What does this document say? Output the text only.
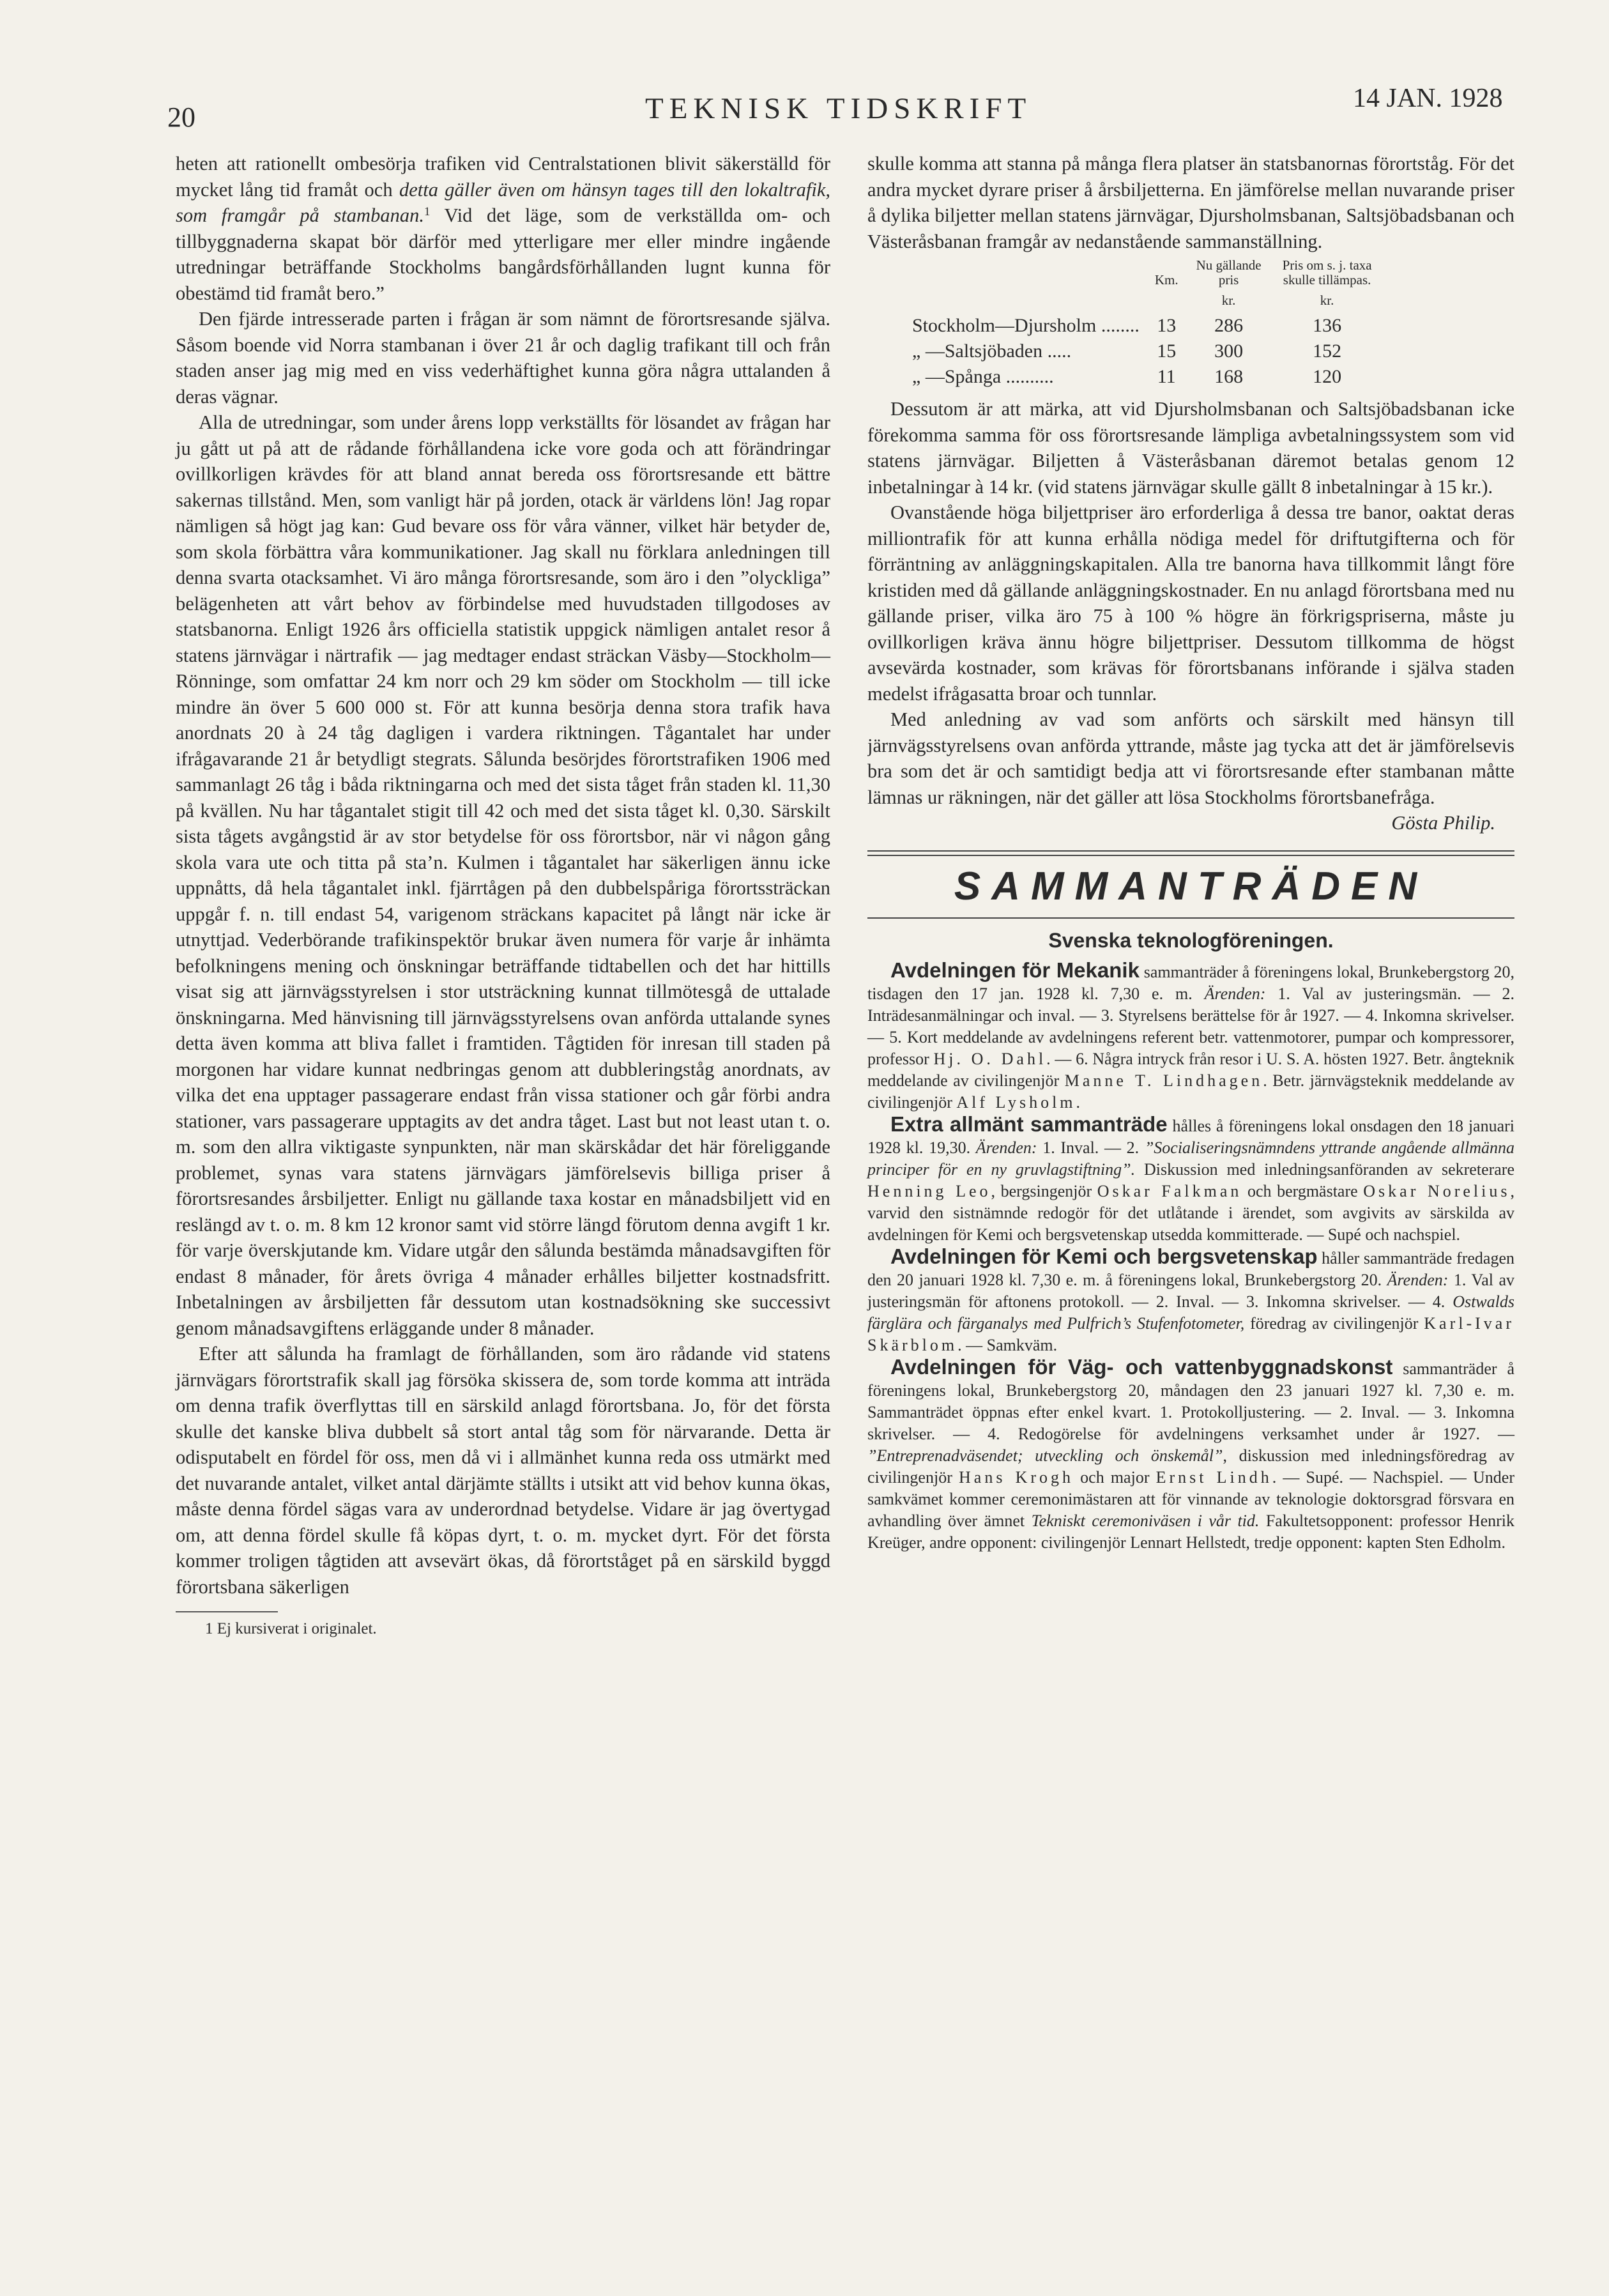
20	TEKNISK TIDSKRIFT	14 JAN. 1928

heten att rationellt ombesörja trafiken vid Centralstationen blivit säkerställd för mycket lång tid framåt och detta gäller även om hänsyn tages till den lokaltrafik, som framgår på stambanan.$^1$ Vid det läge, som de verkställda om- och tillbyggnaderna skapat bör därför med ytterligare mer eller mindre ingående utredningar beträffande Stockholms bangårdsförhållanden lugnt kunna för obestämd tid framåt bero.”

Den fjärde intresserade parten i frågan är som nämnt de förortsresande själva. Såsom boende vid Norra stambanan i över 21 år och daglig trafikant till och från staden anser jag mig med en viss vederhäftighet kunna göra några uttalanden å deras vägnar.

Alla de utredningar, som under årens lopp verkställts för lösandet av frågan har ju gått ut på att de rådande förhållandena icke vore goda och att förändringar ovillkorligen krävdes för att bland annat bereda oss förortsresande ett bättre sakernas tillstånd. Men, som vanligt här på jorden, otack är världens lön! Jag ropar nämligen så högt jag kan: Gud bevare oss för våra vänner, vilket här betyder de, som skola förbättra våra kommunikationer. Jag skall nu förklara anledningen till denna svarta otacksamhet. Vi äro många förortsresande, som äro i den ”olyckliga” belägenheten att vårt behov av förbindelse med huvudstaden tillgodoses av statsbanorna. Enligt 1926 års officiella statistik uppgick nämligen antalet resor å statens järnvägar i närtrafik — jag medtager endast sträckan Väsby—Stockholm—Rönninge, som omfattar 24 km norr och 29 km söder om Stockholm — till icke mindre än över 5 600 000 st. För att kunna besörja denna stora trafik hava anordnats 20 à 24 tåg dagligen i vardera riktningen. Tågantalet har under ifrågavarande 21 år betydligt stegrats. Sålunda besörjdes förortstrafiken 1906 med sammanlagt 26 tåg i båda riktningarna och med det sista tåget från staden kl. 11,30 på kvällen. Nu har tågantalet stigit till 42 och med det sista tåget kl. 0,30. Särskilt sista tågets avgångstid är av stor betydelse för oss förortsbor, när vi någon gång skola vara ute och titta på sta’n. Kulmen i tågantalet har säkerligen ännu icke uppnåtts, då hela tågantalet inkl. fjärrtågen på den dubbelspåriga förortssträckan uppgår f. n. till endast 54, varigenom sträckans kapacitet på långt när icke är utnyttjad. Vederbörande trafikinspektör brukar även numera för varje år inhämta befolkningens mening och önskningar beträffande tidtabellen och det har hittills visat sig att järnvägsstyrelsen i stor utsträckning kunnat tillmötesgå de uttalade önskningarna. Med hänvisning till järnvägsstyrelsens ovan anförda uttalande synes detta även komma att bliva fallet i framtiden. Tågtiden för inresan till staden på morgonen har vidare kunnat nedbringas genom att dubbleringståg anordnats, av vilka det ena upptager passagerare endast från vissa stationer och går förbi andra stationer, vars passagerare upptagits av det andra tåget. Last but not least utan t. o. m. som den allra viktigaste synpunkten, när man skärskådar det här föreliggande problemet, synas vara statens järnvägars jämförelsevis billiga priser å förortsresandes årsbiljetter. Enligt nu gällande taxa kostar en månadsbiljett vid en reslängd av t. o. m. 8 km 12 kronor samt vid större längd förutom denna avgift 1 kr. för varje överskjutande km. Vidare utgår den sålunda bestämda månadsavgiften för endast 8 månader, för årets övriga 4 månader erhålles biljetter kostnadsfritt. Inbetalningen av årsbiljetten får dessutom utan kostnadsökning ske successivt genom månadsavgiftens erläggande under 8 månader.

Efter att sålunda ha framlagt de förhållanden, som äro rådande vid statens järnvägars förortstrafik skall jag försöka skissera de, som torde komma att inträda om denna trafik överflyttas till en särskild anlagd förortsbana. Jo, för det första skulle det kanske bliva dubbelt så stort antal tåg som för närvarande. Detta är odisputabelt en fördel för oss, men då vi i allmänhet kunna reda oss utmärkt med det nuvarande antalet, vilket antal därjämte ställts i utsikt att vid behov kunna ökas, måste denna fördel sägas vara av underordnad betydelse. Vidare är jag övertygad om, att denna fördel skulle få köpas dyrt, t. o. m. mycket dyrt. För det första kommer troligen tågtiden att avsevärt ökas, då förortståget på en särskild byggd förortsbana säkerligen

1 Ej kursiverat i originalet.

skulle komma att stanna på många flera platser än statsbanornas förortståg. För det andra mycket dyrare priser å årsbiljetterna. En jämförelse mellan nuvarande priser å dylika biljetter mellan statens järnvägar, Djursholmsbanan, Saltsjöbadsbanan och Västeråsbanan framgår av nedanstående sammanställning.

	Km.	Nu gällande pris	Pris om s. j. taxa skulle tillämpas.
		kr.	kr.
Stockholm—Djursholm ........	13	286	136
„ —Saltsjöbaden .....	15	300	152
„ —Spånga ..........	11	168	120

Dessutom är att märka, att vid Djursholmsbanan och Saltsjöbadsbanan icke förekomma samma för oss förortsresande lämpliga avbetalningssystem som vid statens järnvägar. Biljetten å Västeråsbanan däremot betalas genom 12 inbetalningar à 14 kr. (vid statens järnvägar skulle gällt 8 inbetalningar à 15 kr.).

Ovanstående höga biljettpriser äro erforderliga å dessa tre banor, oaktat deras milliontrafik för att kunna erhålla nödiga medel för driftutgifterna och för förräntning av anläggningskapitalen. Alla tre banorna hava tillkommit långt före kristiden med då gällande anläggningskostnader. En nu anlagd förortsbana med nu gällande priser, vilka äro 75 à 100 % högre än förkrigspriserna, måste ju ovillkorligen kräva ännu högre biljettpriser. Dessutom tillkomma de högst avsevärda kostnader, som krävas för förortsbanans införande i själva staden medelst ifrågasatta broar och tunnlar.

Med anledning av vad som anförts och särskilt med hänsyn till järnvägsstyrelsens ovan anförda yttrande, måste jag tycka att det är jämförelsevis bra som det är och samtidigt bedja att vi förortsresande efter stambanan måtte lämnas ur räkningen, när det gäller att lösa Stockholms förortsbanefråga.
Gösta Philip.

SAMMANTRÄDEN
Svenska teknologföreningen.

Avdelningen för Mekanik sammanträder å föreningens lokal, Brunkebergstorg 20, tisdagen den 17 jan. 1928 kl. 7,30 e. m. Ärenden: 1. Val av justeringsmän. — 2. Inträdesanmälningar och inval. — 3. Styrelsens berättelse för år 1927. — 4. Inkomna skrivelser. — 5. Kort meddelande av avdelningens referent betr. vattenmotorer, pumpar och kompressorer, professor Hj. O. Dahl. — 6. Några intryck från resor i U. S. A. hösten 1927. Betr. ångteknik meddelande av civilingenjör Manne T. Lindhagen. Betr. järnvägsteknik meddelande av civilingenjör Alf Lysholm.

Extra allmänt sammanträde hålles å föreningens lokal onsdagen den 18 januari 1928 kl. 19,30. Ärenden: 1. Inval. — 2. ”Socialiseringsnämndens yttrande angående allmänna principer för en ny gruvlagstiftning”. Diskussion med inledningsanföranden av sekreterare Henning Leo, bergsingenjör Oskar Falkman och bergmästare Oskar Norelius, varvid den sistnämnde redogör för det utlåtande i ärendet, som avgivits av särskilda av avdelningen för Kemi och bergsvetenskap utsedda kommitterade. — Supé och nachspiel.

Avdelningen för Kemi och bergsvetenskap håller sammanträde fredagen den 20 januari 1928 kl. 7,30 e. m. å föreningens lokal, Brunkebergstorg 20. Ärenden: 1. Val av justeringsmän för aftonens protokoll. — 2. Inval. — 3. Inkomna skrivelser. — 4. Ostwalds färglära och färganalys med Pulfrich’s Stufenfotometer, föredrag av civilingenjör Karl-Ivar Skärblom. — Samkväm.

Avdelningen för Väg- och vattenbyggnadskonst sammanträder å föreningens lokal, Brunkebergstorg 20, måndagen den 23 januari 1927 kl. 7,30 e. m. Sammanträdet öppnas efter enkel kvart. 1. Protokolljustering. — 2. Inval. — 3. Inkomna skrivelser. — 4. Redogörelse för avdelningens verksamhet under år 1927. — ”Entreprenadväsendet; utveckling och önskemål”, diskussion med inledningsföredrag av civilingenjör Hans Krogh och major Ernst Lindh. — Supé. — Nachspiel. — Under samkvämet kommer ceremonimästaren att för vinnande av teknologie doktorsgrad försvara en avhandling över ämnet Tekniskt ceremoniväsen i vår tid. Fakultetsopponent: professor Henrik Kreüger, andre opponent: civilingenjör Lennart Hellstedt, tredje opponent: kapten Sten Edholm.
